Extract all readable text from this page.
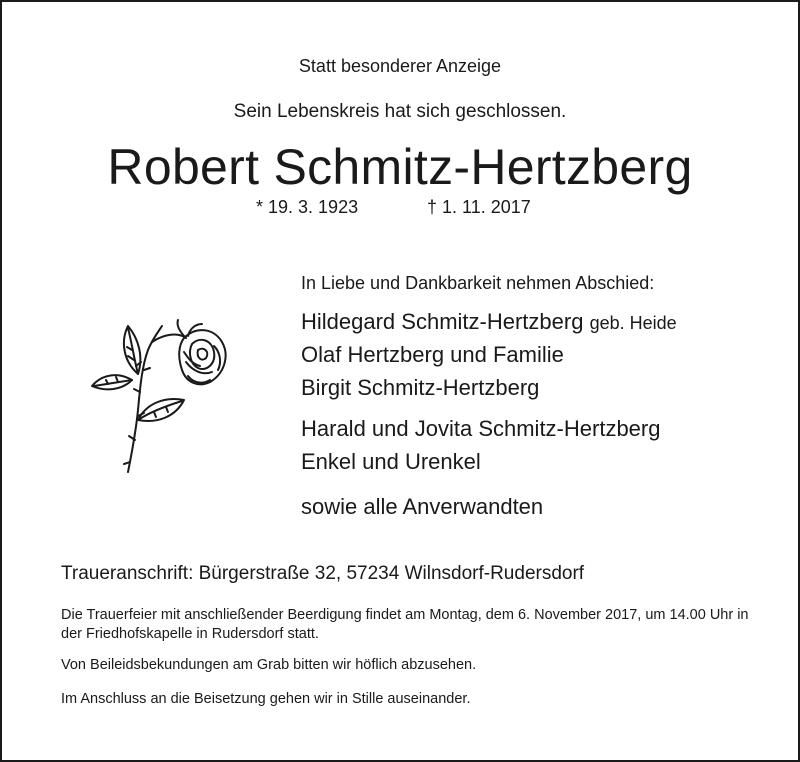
Statt besonderer Anzeige
Sein Lebenskreis hat sich geschlossen.
Robert Schmitz-Hertzberg
* 19. 3. 1923	† 1. 11. 2017
In Liebe und Dankbarkeit nehmen Abschied:
Hildegard Schmitz-Hertzberg geb. Heide
Olaf Hertzberg und Familie
Birgit Schmitz-Hertzberg
Harald und Jovita Schmitz-Hertzberg
Enkel und Urenkel
sowie alle Anverwandten
Traueranschrift: Bürgerstraße 32, 57234 Wilnsdorf-Rudersdorf
Die Trauerfeier mit anschließender Beerdigung findet am Montag, dem 6. November 2017, um 14.00 Uhr in der Friedhofskapelle in Rudersdorf statt.
Von Beileidsbekundungen am Grab bitten wir höflich abzusehen.
Im Anschluss an die Beisetzung gehen wir in Stille auseinander.
